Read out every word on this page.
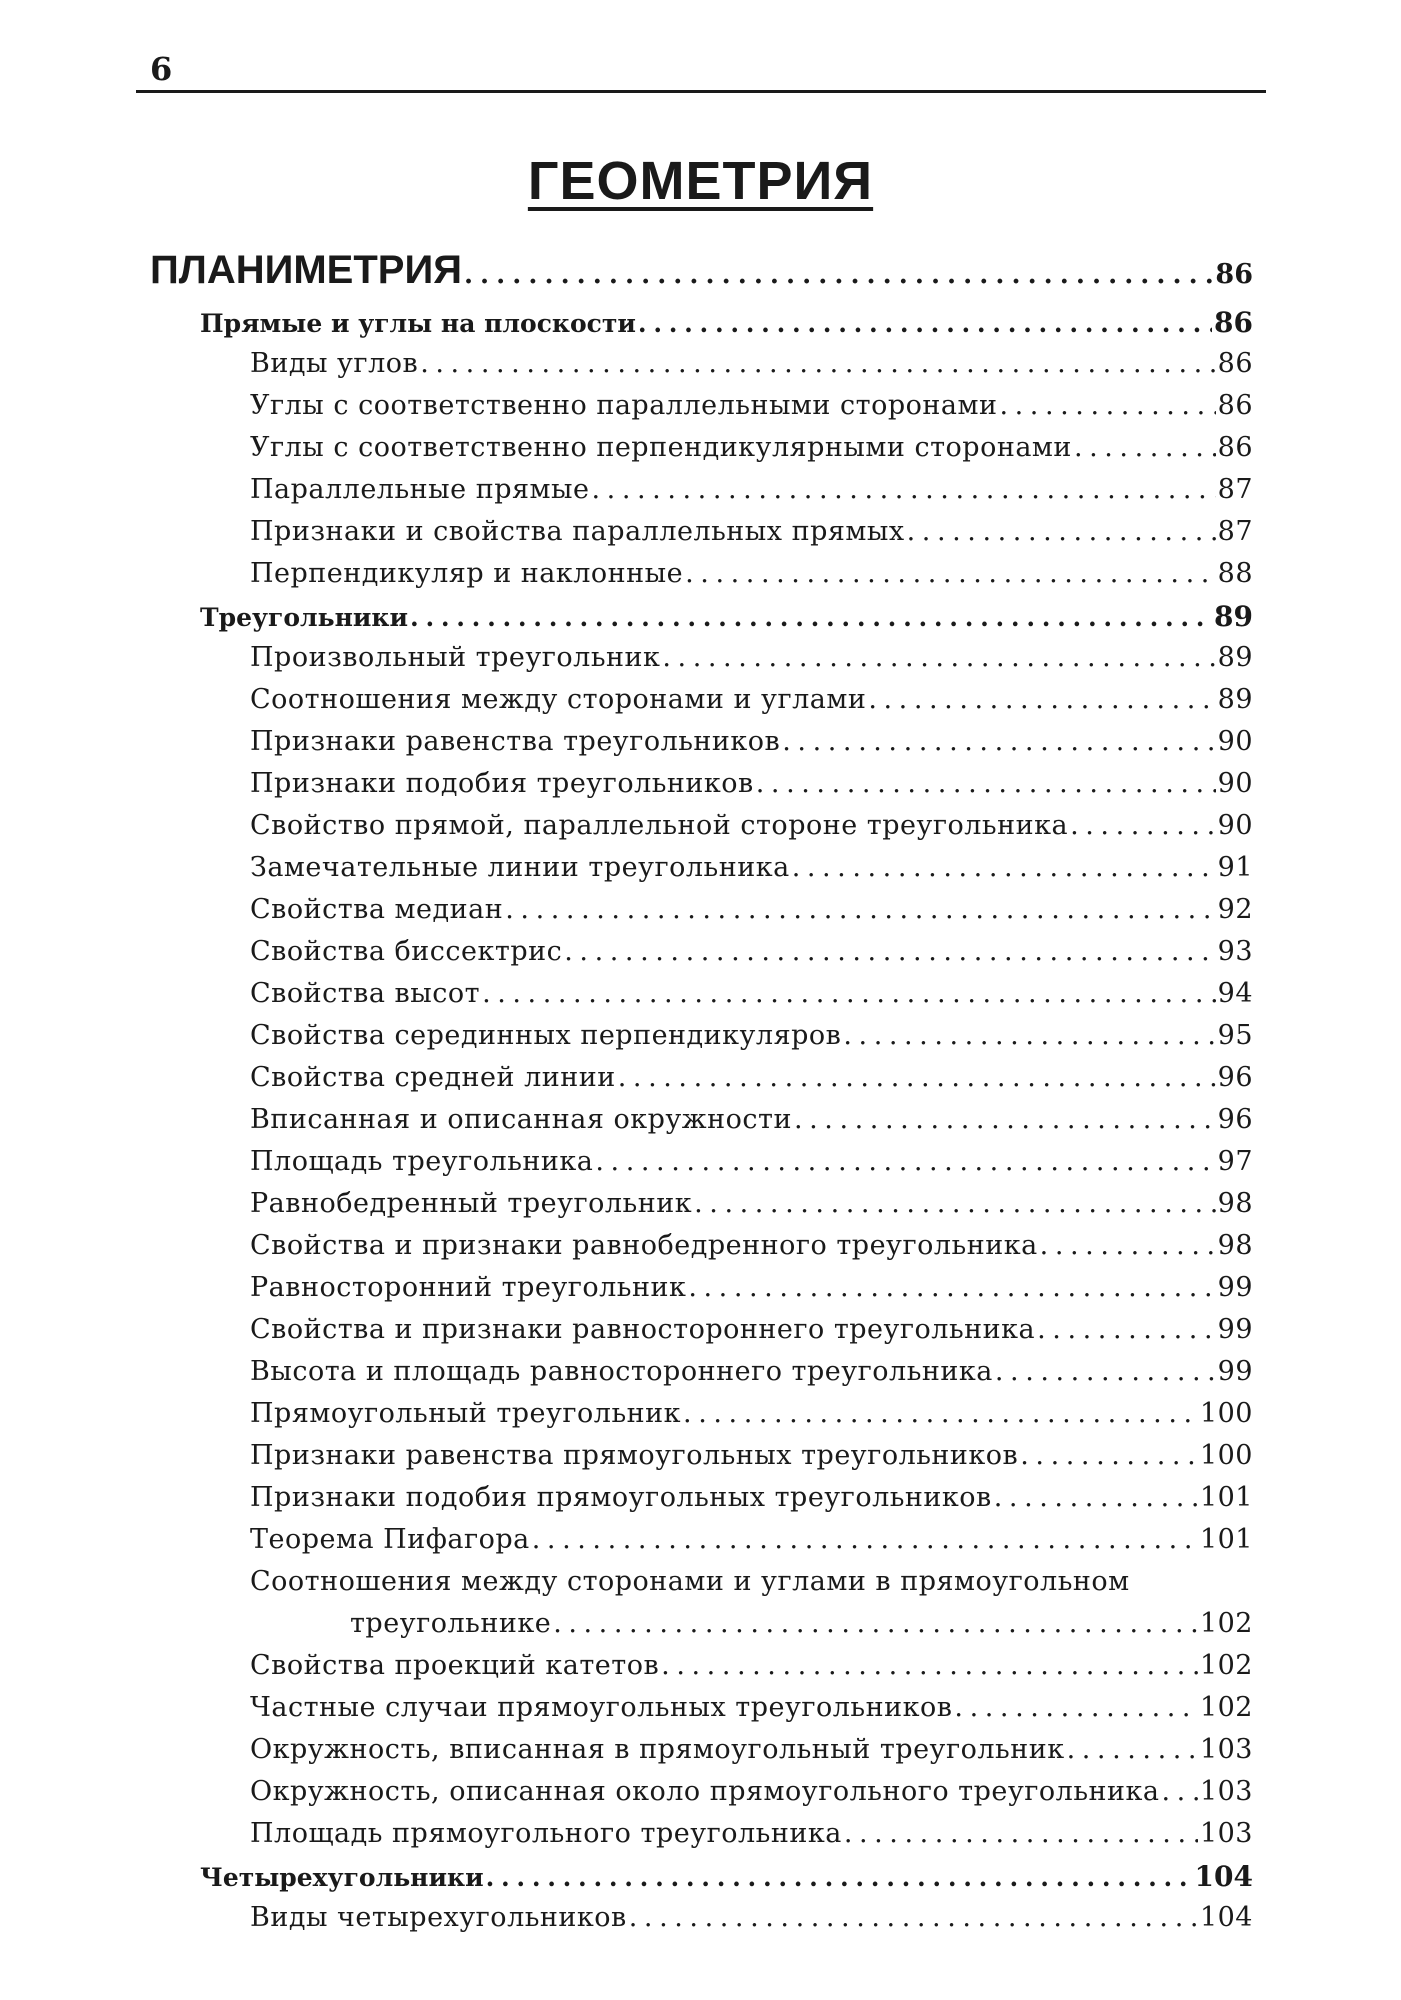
6
ГЕОМЕТРИЯ
ПЛАНИМЕТРИЯ . . .	86
Прямые и углы на плоскости . . .	86
Виды углов . . .	86
Углы с соответственно параллельными сторонами . . .	86
Углы с соответственно перпендикулярными сторонами . . .	86
Параллельные прямые . . .	87
Признаки и свойства параллельных прямых . . .	87
Перпендикуляр и наклонные . . .	88
Треугольники . . .	89
Произвольный треугольник . . .	89
Соотношения между сторонами и углами . . .	89
Признаки равенства треугольников . . .	90
Признаки подобия треугольников . . .	90
Свойство прямой, параллельной стороне треугольника . . .	90
Замечательные линии треугольника . . .	91
Свойства медиан . . .	92
Свойства биссектрис . . .	93
Свойства высот . . .	94
Свойства серединных перпендикуляров . . .	95
Свойства средней линии . . .	96
Вписанная и описанная окружности . . .	96
Площадь треугольника . . .	97
Равнобедренный треугольник . . .	98
Свойства и признаки равнобедренного треугольника . . .	98
Равносторонний треугольник . . .	99
Свойства и признаки равностороннего треугольника . . .	99
Высота и площадь равностороннего треугольника . . .	99
Прямоугольный треугольник . . .	100
Признаки равенства прямоугольных треугольников . . .	100
Признаки подобия прямоугольных треугольников . . .	101
Теорема Пифагора . . .	101
Соотношения между сторонами и углами в прямоугольном
треугольнике . . .	102
Свойства проекций катетов . . .	102
Частные случаи прямоугольных треугольников . . .	102
Окружность, вписанная в прямоугольный треугольник . . .	103
Окружность, описанная около прямоугольного треугольника . . . 103
Площадь прямоугольного треугольника . . .	103
Четырехугольники . . .	104
Виды четырехугольников . . .	104
